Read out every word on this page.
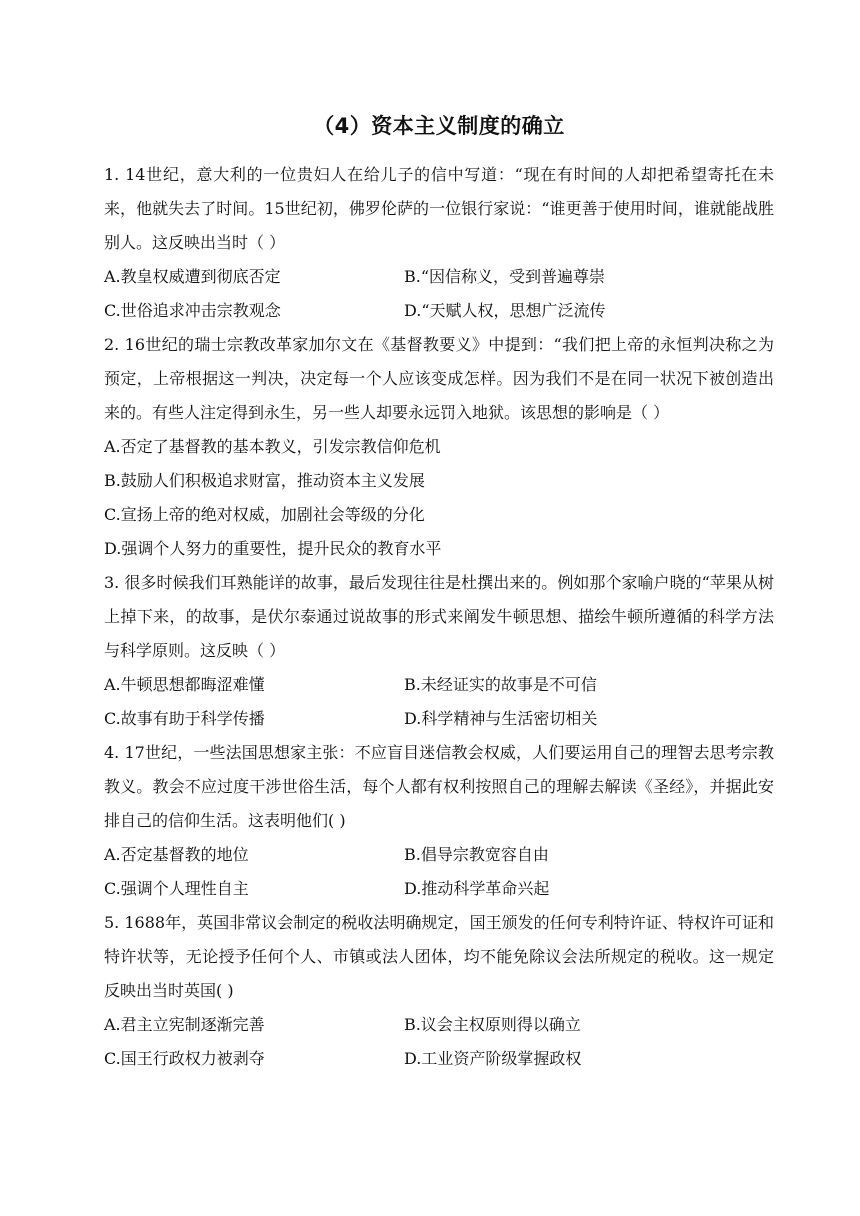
（4）资本主义制度的确立

1. 14世纪，意大利的一位贵妇人在给儿子的信中写道：“现在有时间的人却把希望寄托在未来，他就失去了时间。15世纪初，佛罗伦萨的一位银行家说：“谁更善于使用时间，谁就能战胜别人。这反映出当时（ ）

A.教皇权威遭到彻底否定	B.“因信称义，受到普遍尊崇
C.世俗追求冲击宗教观念	D.“天赋人权，思想广泛流传

2. 16世纪的瑞士宗教改革家加尔文在《基督教要义》中提到：“我们把上帝的永恒判决称之为预定，上帝根据这一判决，决定每一个人应该变成怎样。因为我们不是在同一状况下被创造出来的。有些人注定得到永生，另一些人却要永远罚入地狱。该思想的影响是（ ）

A.否定了基督教的基本教义，引发宗教信仰危机
B.鼓励人们积极追求财富，推动资本主义发展
C.宣扬上帝的绝对权威，加剧社会等级的分化
D.强调个人努力的重要性，提升民众的教育水平

3. 很多时候我们耳熟能详的故事，最后发现往往是杜撰出来的。例如那个家喻户晓的“苹果从树上掉下来，的故事，是伏尔泰通过说故事的形式来阐发牛顿思想、描绘牛顿所遵循的科学方法与科学原则。这反映（ ）

A.牛顿思想都晦涩难懂	B.未经证实的故事是不可信
C.故事有助于科学传播	D.科学精神与生活密切相关

4. 17世纪，一些法国思想家主张：不应盲目迷信教会权威，人们要运用自己的理智去思考宗教教义。教会不应过度干涉世俗生活，每个人都有权利按照自己的理解去解读《圣经》，并据此安排自己的信仰生活。这表明他们( )

A.否定基督教的地位	B.倡导宗教宽容自由
C.强调个人理性自主	D.推动科学革命兴起

5. 1688年，英国非常议会制定的税收法明确规定，国王颁发的任何专利特许证、特权许可证和特许状等，无论授予任何个人、市镇或法人团体，均不能免除议会法所规定的税收。这一规定反映出当时英国( )

A.君主立宪制逐渐完善	B.议会主权原则得以确立
C.国王行政权力被剥夺	D.工业资产阶级掌握政权
